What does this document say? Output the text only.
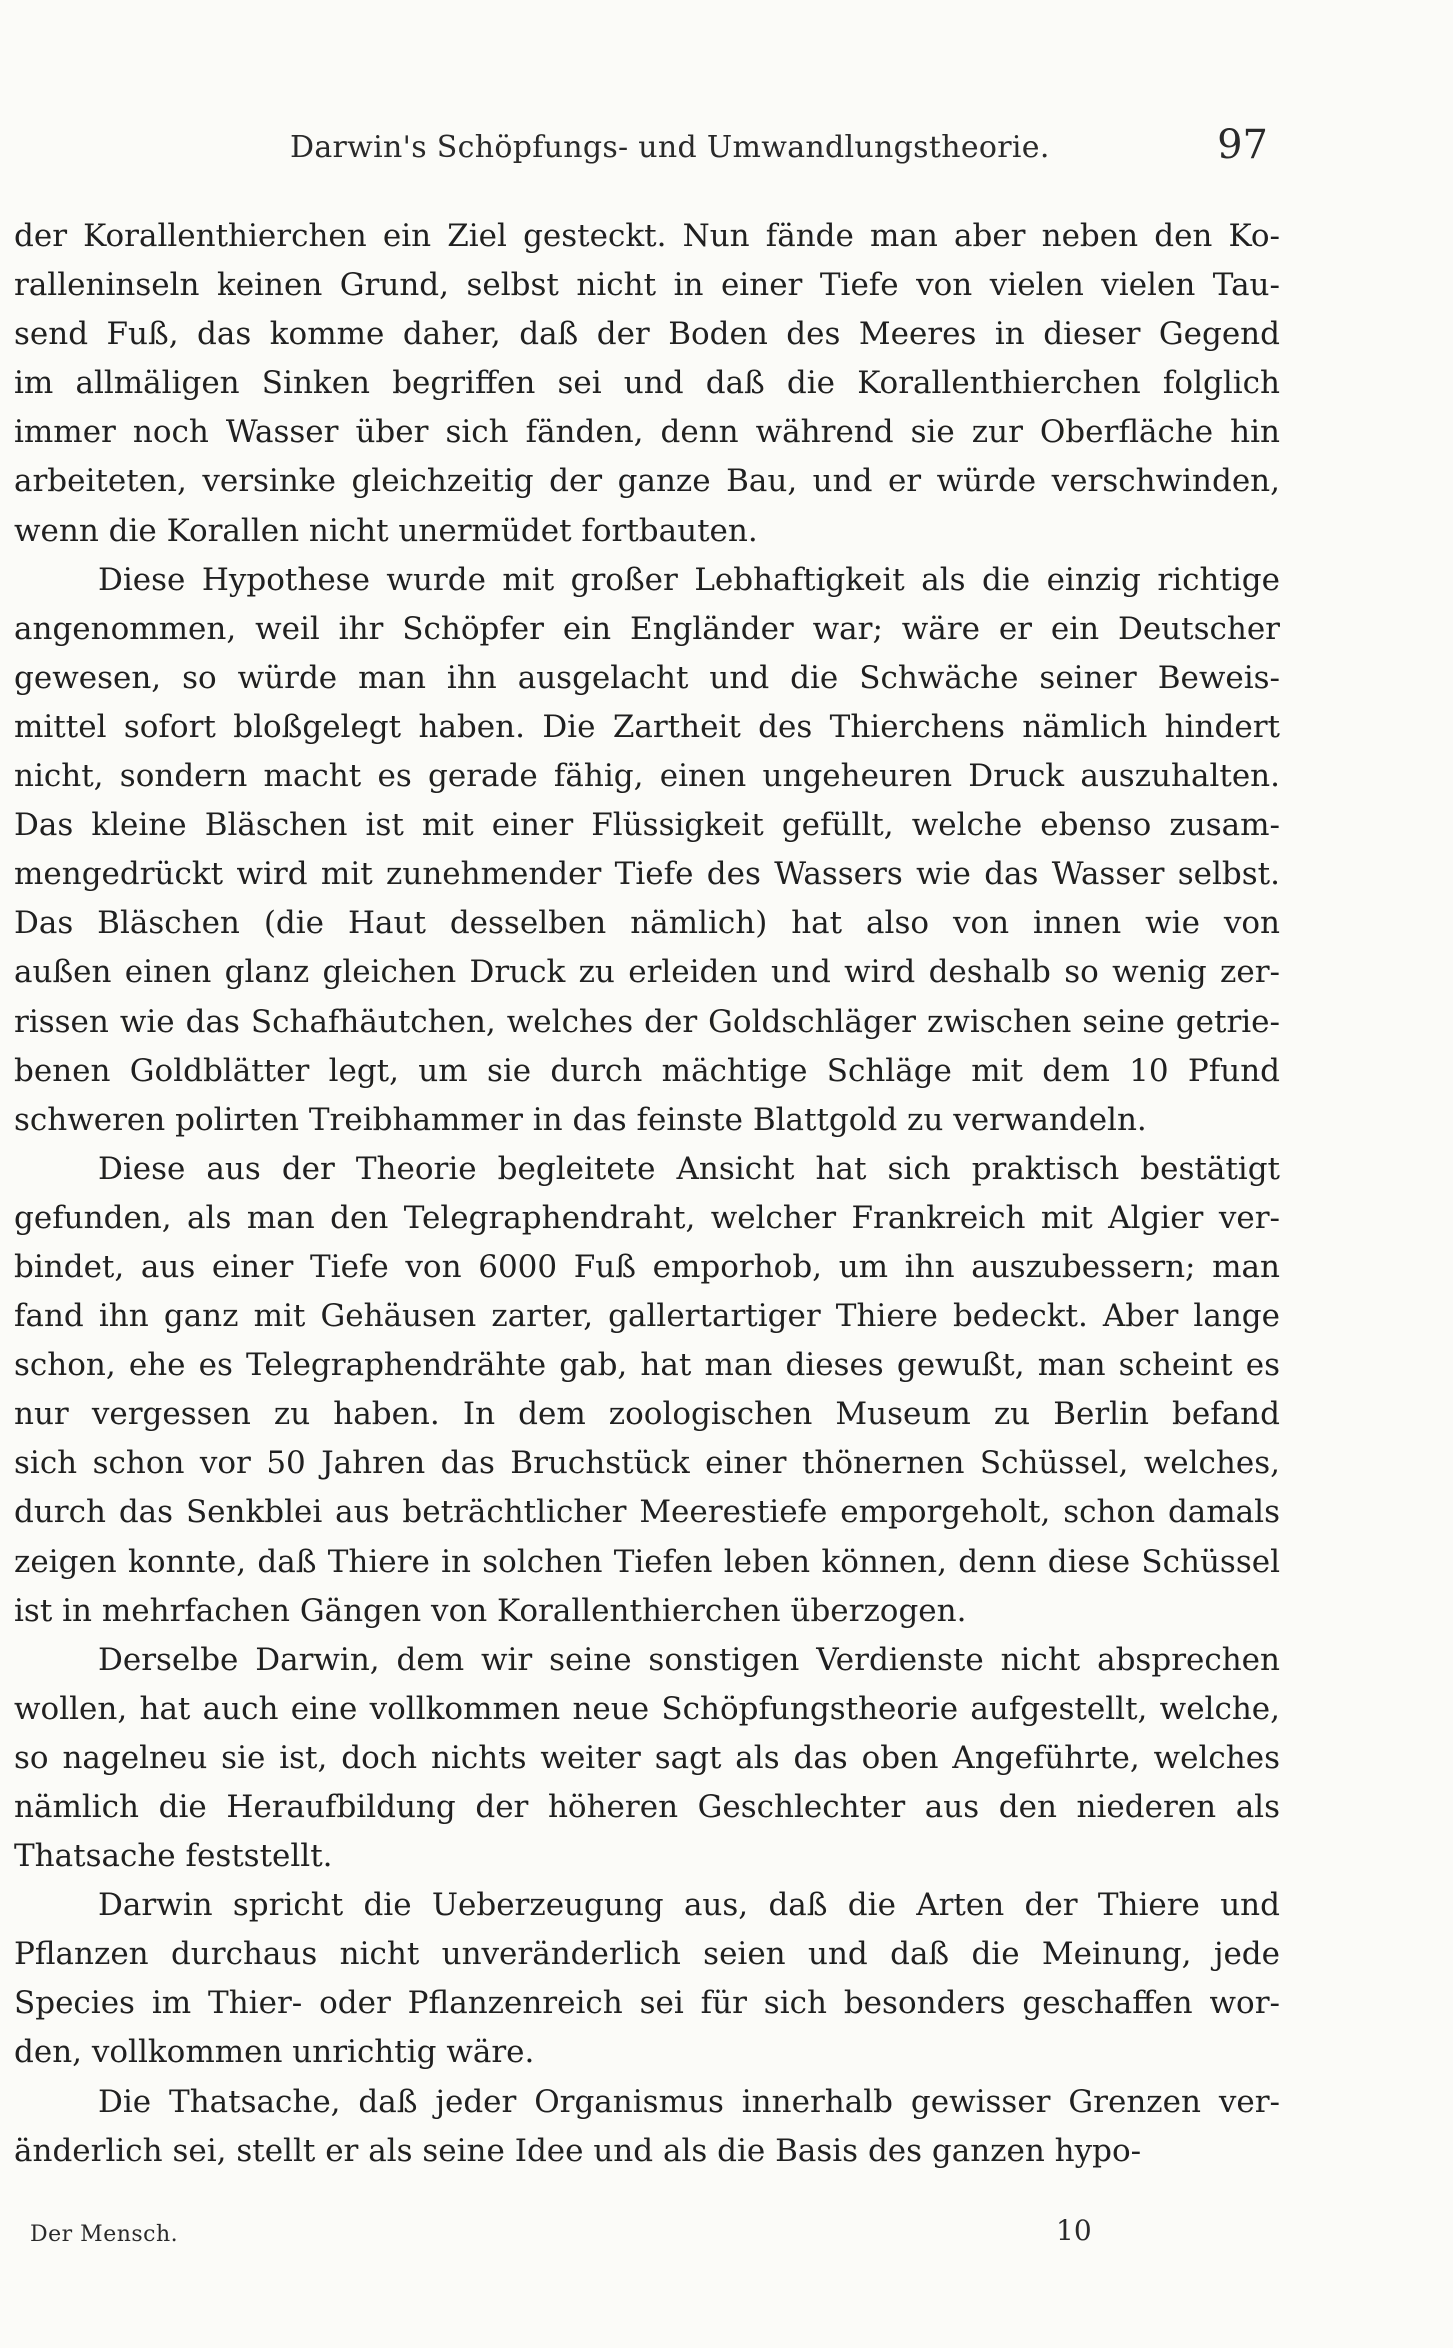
Darwin's Schöpfungs- und Umwandlungstheorie.	97

der Korallenthierchen ein Ziel gesteckt. Nun fände man aber neben den Ko-
ralleninseln keinen Grund, selbst nicht in einer Tiefe von vielen vielen Tau-
send Fuß, das komme daher, daß der Boden des Meeres in dieser Gegend
im allmäligen Sinken begriffen sei und daß die Korallenthierchen folglich
immer noch Wasser über sich fänden, denn während sie zur Oberfläche hin
arbeiteten, versinke gleichzeitig der ganze Bau, und er würde verschwinden,
wenn die Korallen nicht unermüdet fortbauten.

Diese Hypothese wurde mit großer Lebhaftigkeit als die einzig richtige
angenommen, weil ihr Schöpfer ein Engländer war; wäre er ein Deutscher
gewesen, so würde man ihn ausgelacht und die Schwäche seiner Beweis-
mittel sofort bloßgelegt haben. Die Zartheit des Thierchens nämlich hindert
nicht, sondern macht es gerade fähig, einen ungeheuren Druck auszuhalten.
Das kleine Bläschen ist mit einer Flüssigkeit gefüllt, welche ebenso zusam-
mengedrückt wird mit zunehmender Tiefe des Wassers wie das Wasser selbst.
Das Bläschen (die Haut desselben nämlich) hat also von innen wie von
außen einen glanz gleichen Druck zu erleiden und wird deshalb so wenig zer-
rissen wie das Schafhäutchen, welches der Goldschläger zwischen seine getrie-
benen Goldblätter legt, um sie durch mächtige Schläge mit dem 10 Pfund
schweren polirten Treibhammer in das feinste Blattgold zu verwandeln.

Diese aus der Theorie begleitete Ansicht hat sich praktisch bestätigt
gefunden, als man den Telegraphendraht, welcher Frankreich mit Algier ver-
bindet, aus einer Tiefe von 6000 Fuß emporhob, um ihn auszubessern; man
fand ihn ganz mit Gehäusen zarter, gallertartiger Thiere bedeckt. Aber lange
schon, ehe es Telegraphendrähte gab, hat man dieses gewußt, man scheint es
nur vergessen zu haben. In dem zoologischen Museum zu Berlin befand
sich schon vor 50 Jahren das Bruchstück einer thönernen Schüssel, welches,
durch das Senkblei aus beträchtlicher Meerestiefe emporgeholt, schon damals
zeigen konnte, daß Thiere in solchen Tiefen leben können, denn diese Schüssel
ist in mehrfachen Gängen von Korallenthierchen überzogen.

Derselbe Darwin, dem wir seine sonstigen Verdienste nicht absprechen
wollen, hat auch eine vollkommen neue Schöpfungstheorie aufgestellt, welche,
so nagelneu sie ist, doch nichts weiter sagt als das oben Angeführte, welches
nämlich die Heraufbildung der höheren Geschlechter aus den niederen als
Thatsache feststellt.

Darwin spricht die Ueberzeugung aus, daß die Arten der Thiere und
Pflanzen durchaus nicht unveränderlich seien und daß die Meinung, jede
Species im Thier- oder Pflanzenreich sei für sich besonders geschaffen wor-
den, vollkommen unrichtig wäre.

Die Thatsache, daß jeder Organismus innerhalb gewisser Grenzen ver-
änderlich sei, stellt er als seine Idee und als die Basis des ganzen hypo-

Der Mensch.	10
